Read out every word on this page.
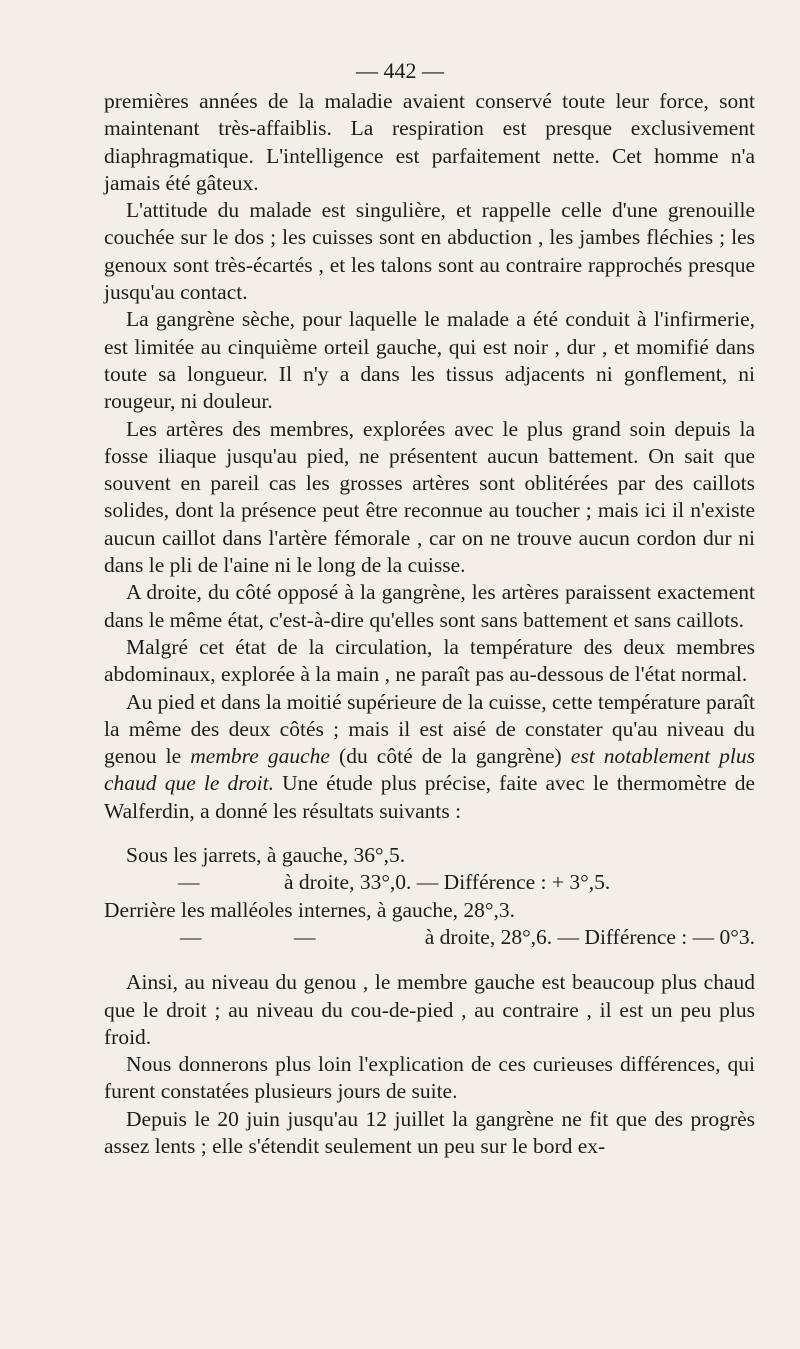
— 442 —

premières années de la maladie avaient conservé toute leur force, sont maintenant très-affaiblis. La respiration est presque exclusivement diaphragmatique. L'intelligence est parfaitement nette. Cet homme n'a jamais été gâteux.

L'attitude du malade est singulière, et rappelle celle d'une grenouille couchée sur le dos ; les cuisses sont en abduction , les jambes fléchies ; les genoux sont très-écartés , et les talons sont au contraire rapprochés presque jusqu'au contact.

La gangrène sèche, pour laquelle le malade a été conduit à l'infirmerie, est limitée au cinquième orteil gauche, qui est noir , dur , et momifié dans toute sa longueur. Il n'y a dans les tissus adjacents ni gonflement, ni rougeur, ni douleur.

Les artères des membres, explorées avec le plus grand soin depuis la fosse iliaque jusqu'au pied, ne présentent aucun battement. On sait que souvent en pareil cas les grosses artères sont oblitérées par des caillots solides, dont la présence peut être reconnue au toucher ; mais ici il n'existe aucun caillot dans l'artère fémorale , car on ne trouve aucun cordon dur ni dans le pli de l'aine ni le long de la cuisse.

A droite, du côté opposé à la gangrène, les artères paraissent exactement dans le même état, c'est-à-dire qu'elles sont sans battement et sans caillots.

Malgré cet état de la circulation, la température des deux membres abdominaux, explorée à la main , ne paraît pas au-dessous de l'état normal.

Au pied et dans la moitié supérieure de la cuisse, cette température paraît la même des deux côtés ; mais il est aisé de constater qu'au niveau du genou le membre gauche (du côté de la gangrène) est notablement plus chaud que le droit. Une étude plus précise, faite avec le thermomètre de Walferdin, a donné les résultats suivants :

Sous les jarrets, à gauche, 36°,5.
—	à droite, 33°,0. — Différence : + 3°,5.
Derrière les malléoles internes, à gauche, 28°,3.
—	—	à droite, 28°,6. — Différence : — 0°3.

Ainsi, au niveau du genou , le membre gauche est beaucoup plus chaud que le droit ; au niveau du cou-de-pied , au contraire , il est un peu plus froid.

Nous donnerons plus loin l'explication de ces curieuses différences, qui furent constatées plusieurs jours de suite.

Depuis le 20 juin jusqu'au 12 juillet la gangrène ne fit que des progrès assez lents ; elle s'étendit seulement un peu sur le bord ex-
